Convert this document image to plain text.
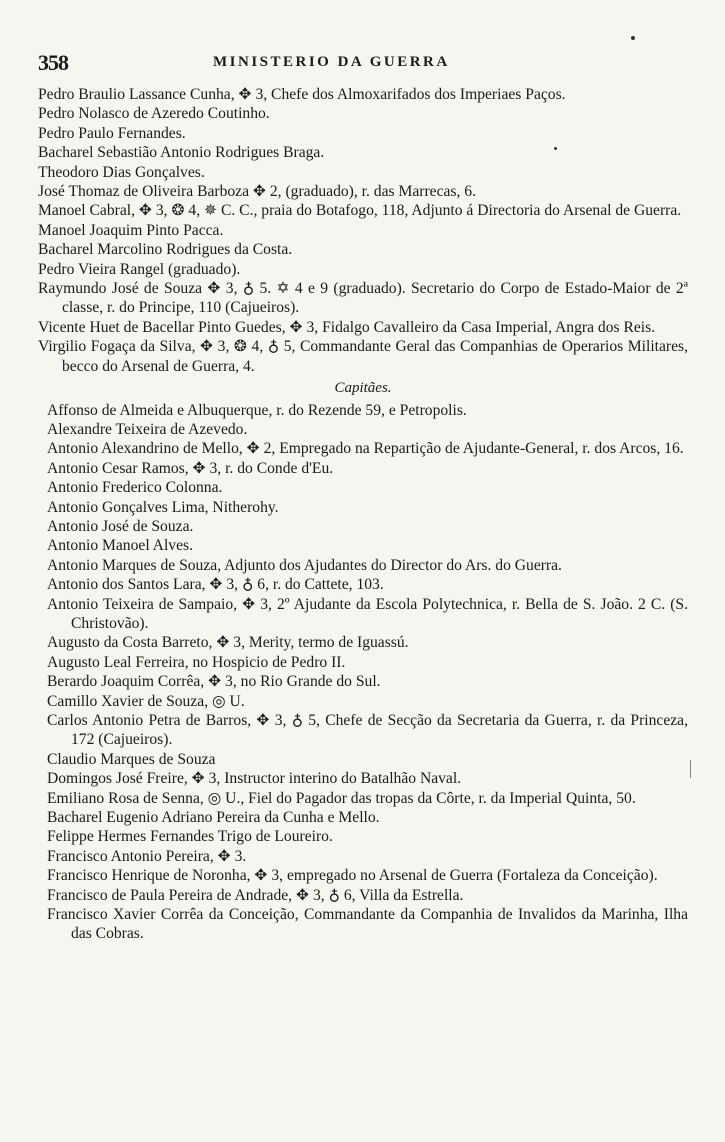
358	MINISTERIO DA GUERRA
Pedro Braulio Lassance Cunha, ✥ 3, Chefe dos Almoxarifados dos Imperiaes Paços.
Pedro Nolasco de Azeredo Coutinho.
Pedro Paulo Fernandes.
Bacharel Sebastião Antonio Rodrigues Braga.
Theodoro Dias Gonçalves.
José Thomaz de Oliveira Barboza ✥ 2, (graduado), r. das Marrecas, 6.
Manoel Cabral, ✥ 3, ❂ 4, ✵ C. C., praia do Botafogo, 118, Adjunto á Directoria do Arsenal de Guerra.
Manoel Joaquim Pinto Pacca.
Bacharel Marcolino Rodrigues da Costa.
Pedro Vieira Rangel (graduado).
Raymundo José de Souza ✥ 3, ♁ 5. ✡ 4 e 9 (graduado). Secretario do Corpo de Estado-Maior de 2ª classe, r. do Principe, 110 (Cajueiros).
Vicente Huet de Bacellar Pinto Guedes, ✥ 3, Fidalgo Cavalleiro da Casa Imperial, Angra dos Reis.
Virgilio Fogaça da Silva, ✥ 3, ❂ 4, ♁ 5, Commandante Geral das Companhias de Operarios Militares, becco do Arsenal de Guerra, 4.
Capitães.
Affonso de Almeida e Albuquerque, r. do Rezende 59, e Petropolis.
Alexandre Teixeira de Azevedo.
Antonio Alexandrino de Mello, ✥ 2, Empregado na Repartição de Ajudante-General, r. dos Arcos, 16.
Antonio Cesar Ramos, ✥ 3, r. do Conde d'Eu.
Antonio Frederico Colonna.
Antonio Gonçalves Lima, Nitherohy.
Antonio José de Souza.
Antonio Manoel Alves.
Antonio Marques de Souza, Adjunto dos Ajudantes do Director do Ars. do Guerra.
Antonio dos Santos Lara, ✥ 3, ♁ 6, r. do Cattete, 103.
Antonio Teixeira de Sampaio, ✥ 3, 2º Ajudante da Escola Polytechnica, r. Bella de S. João. 2 C. (S. Christovão).
Augusto da Costa Barreto, ✥ 3, Merity, termo de Iguassú.
Augusto Leal Ferreira, no Hospicio de Pedro II.
Berardo Joaquim Corrêa, ✥ 3, no Rio Grande do Sul.
Camillo Xavier de Souza, ◎ U.
Carlos Antonio Petra de Barros, ✥ 3, ♁ 5, Chefe de Secção da Secretaria da Guerra, r. da Princeza, 172 (Cajueiros).
Claudio Marques de Souza
Domingos José Freire, ✥ 3, Instructor interino do Batalhão Naval.
Emiliano Rosa de Senna, ◎ U., Fiel do Pagador das tropas da Côrte, r. da Imperial Quinta, 50.
Bacharel Eugenio Adriano Pereira da Cunha e Mello.
Felippe Hermes Fernandes Trigo de Loureiro.
Francisco Antonio Pereira, ✥ 3.
Francisco Henrique de Noronha, ✥ 3, empregado no Arsenal de Guerra (Fortaleza da Conceição).
Francisco de Paula Pereira de Andrade, ✥ 3, ♁ 6, Villa da Estrella.
Francisco Xavier Corrêa da Conceição, Commandante da Companhia de Invalidos da Marinha, Ilha das Cobras.
